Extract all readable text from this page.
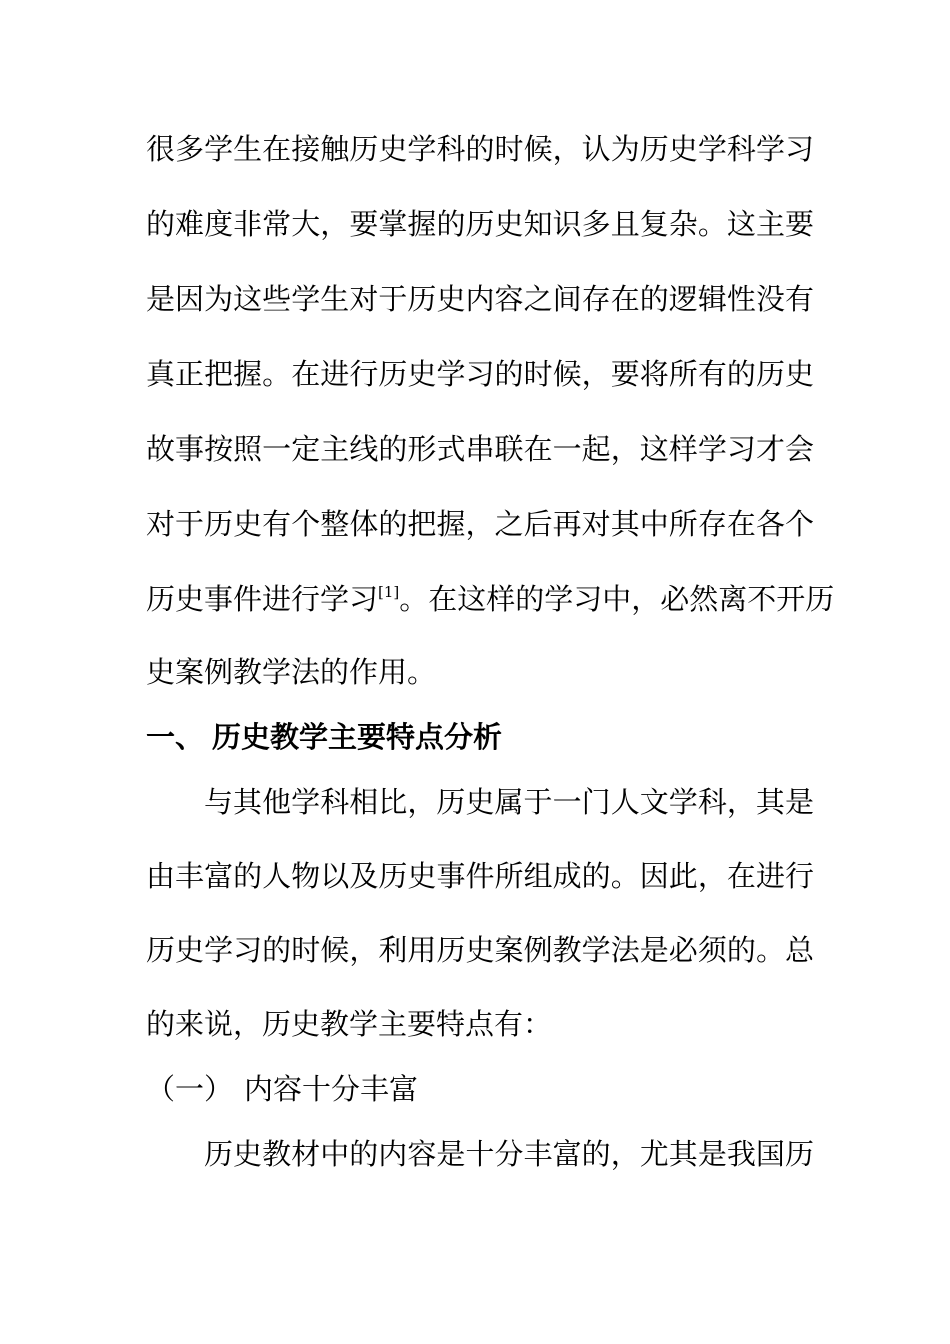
很多学生在接触历史学科的时候，认为历史学科学习
的难度非常大，要掌握的历史知识多且复杂。这主要
是因为这些学生对于历史内容之间存在的逻辑性没有
真正把握。在进行历史学习的时候，要将所有的历史
故事按照一定主线的形式串联在一起，这样学习才会
对于历史有个整体的把握，之后再对其中所存在各个
历史事件进行学习[1]。在这样的学习中，必然离不开历
史案例教学法的作用。
一、 历史教学主要特点分析
与其他学科相比，历史属于一门人文学科，其是
由丰富的人物以及历史事件所组成的。因此，在进行
历史学习的时候，利用历史案例教学法是必须的。总
的来说，历史教学主要特点有：
（一） 内容十分丰富
历史教材中的内容是十分丰富的，尤其是我国历
